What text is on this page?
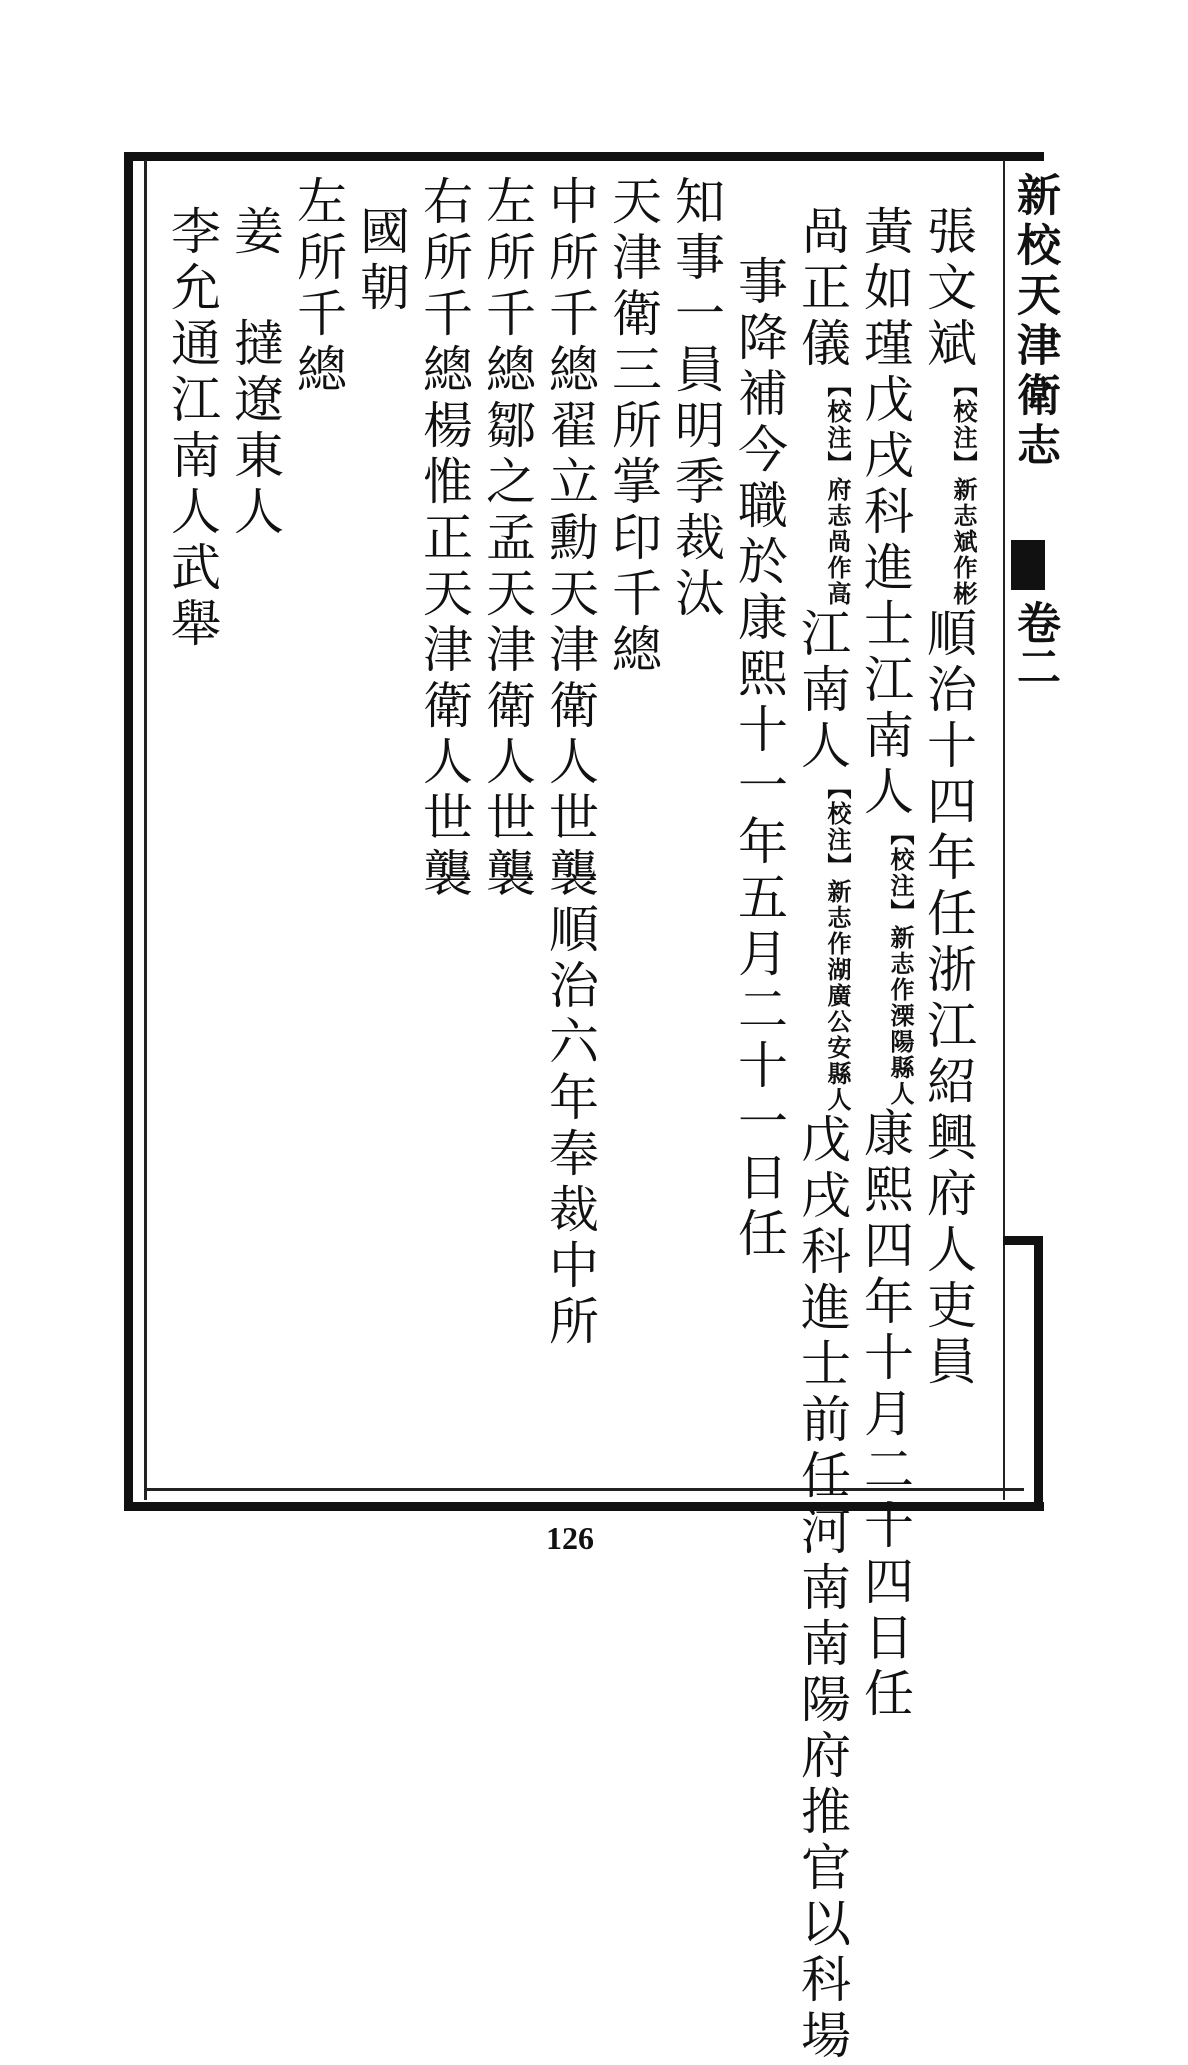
新校天津衛志
卷二
張文斌【校注】新志斌作彬順治十四年任浙江紹興府人吏員
黃如瑾戊戌科進士江南人【校注】新志作溧陽縣人康熙四年十月二十四日任
咼正儀【校注】府志咼作高江南人【校注】新志作湖廣公安縣人戊戌科進士前任河南南陽府推官以科場
事降補今職於康熙十一年五月二十一日任
知事一員明季裁汰
天津衛三所掌印千總
中所千總翟立勳天津衛人世襲順治六年奉裁中所
左所千總鄒之孟天津衛人世襲
右所千總楊惟正天津衛人世襲
國朝
左所千總
姜　撻遼東人
李允通江南人武舉
126
